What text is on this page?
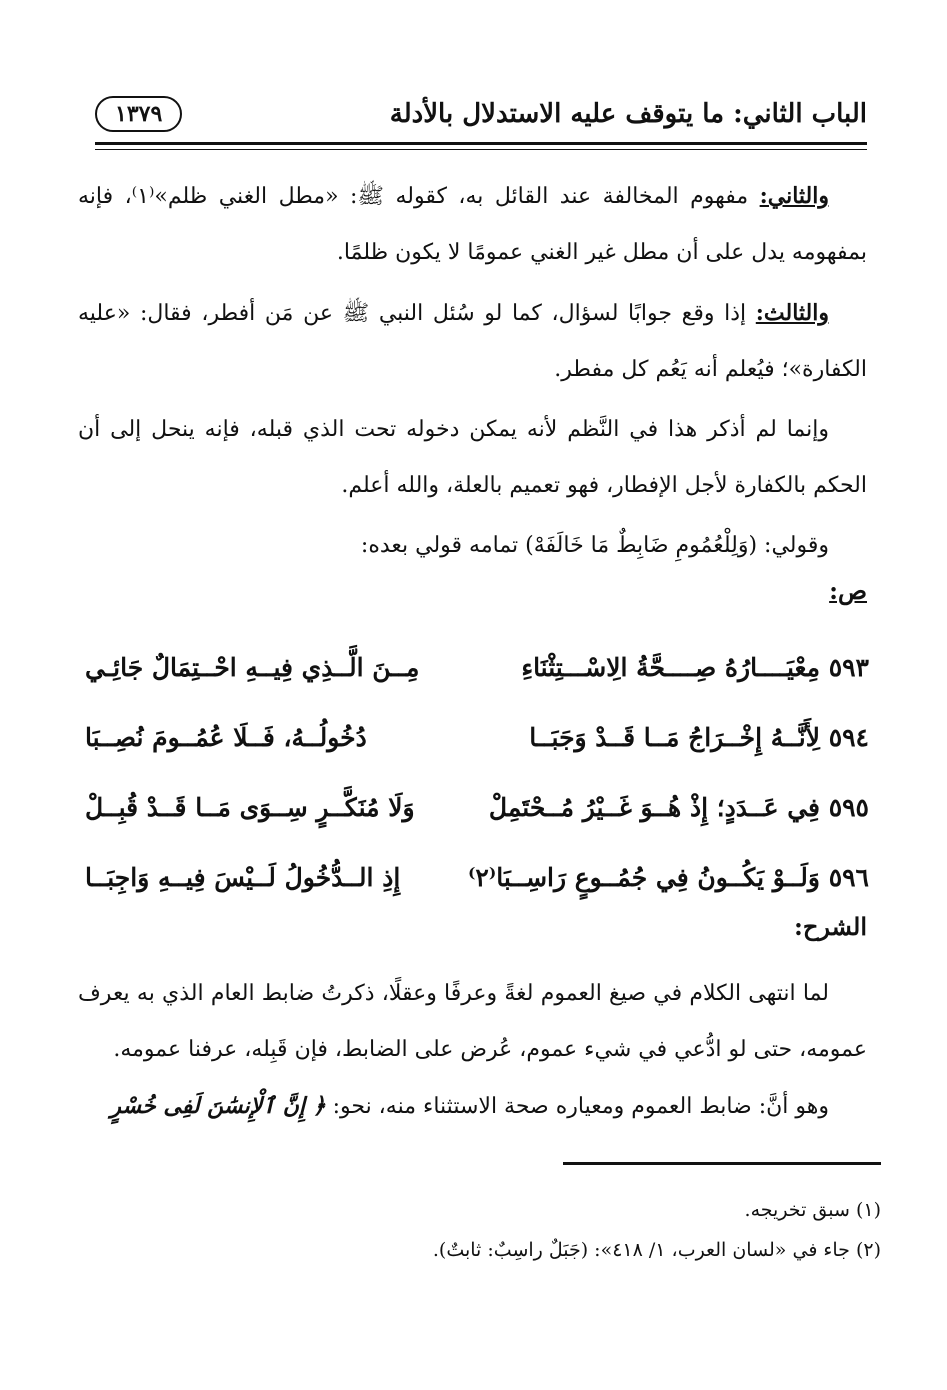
الباب الثاني: ما يتوقف عليه الاستدلال بالأدلة
١٣٧٩

والثاني: مفهوم المخالفة عند القائل به، كقوله ﷺ: «مطل الغني ظلم»⁽١⁾، فإنه بمفهومه يدل على أن مطل غير الغني عمومًا لا يكون ظلمًا.

والثالث: إذا وقع جوابًا لسؤال، كما لو سُئل النبي ﷺ عن مَن أفطر، فقال: «عليه الكفارة»؛ فيُعلم أنه يَعُم كل مفطر.

وإنما لم أذكر هذا في النَّظم لأنه يمكن دخوله تحت الذي قبله، فإنه ينحل إلى أن الحكم بالكفارة لأجل الإفطار، فهو تعميم بالعلة، والله أعلم.

وقولي: (وَلِلْعُمُومِ ضَابِطٌ مَا خَالَفَهْ) تمامه قولي بعده:

ص:
٥٩٣ مِعْيَــــارُهُ صِــــحَّةُ الِاسْـــتِثْنَاءِ
مِــنَ الَّــذِي فِيــهِ احْــتِمَالٌ جَائِـي
٥٩٤ لِأَنَّــهُ إِخْــرَاجُ مَــا قَــدْ وَجَبَــا
دُخُولُــهُ، فَــلَا عُمُــومَ نُصِــبَا
٥٩٥ فِي عَــدَدٍ؛ إِذْ هُــوَ غَــيْرُ مُــحْتَمِلْ
وَلَا مُنَكَّــرٍ سِــوَى مَــا قَــدْ قُبِــلْ
٥٩٦ وَلَــوْ يَكُــونُ فِي جُمُــوعٍ رَاسِــبَا⁽٢⁾
إِذِ الــدُّخُولُ لَــيْسَ فِيــهِ وَاجِبَــا
الشرح:

لما انتهى الكلام في صيغ العموم لغةً وعرفًا وعقلًا، ذكرتُ ضابط العام الذي به يعرف عمومه، حتى لو ادُّعي في شيء عموم، عُرض على الضابط، فإن قَبِله، عرفنا عمومه.

وهو أنَّ: ضابط العموم ومعياره صحة الاستثناء منه، نحو: ﴿ إِنَّ ٱلْإِنسَٰنَ لَفِى خُسْرٍ

(١) سبق تخريجه.

(٢) جاء في «لسان العرب، ١/ ٤١٨»: (جَبَلٌ راسِبٌ: ثابتٌ).
